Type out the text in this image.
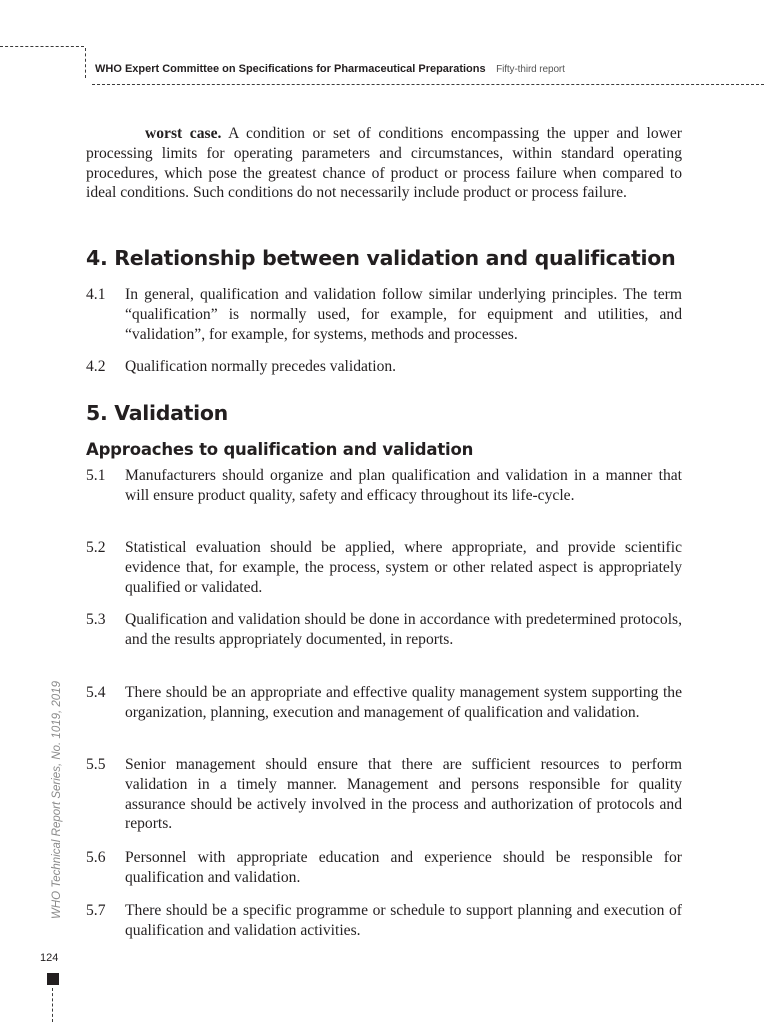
WHO Expert Committee on Specifications for Pharmaceutical Preparations Fifty-third report

worst case. A condition or set of conditions encompassing the upper and lower processing limits for operating parameters and circumstances, within standard operating procedures, which pose the greatest chance of product or process failure when compared to ideal conditions. Such conditions do not necessarily include product or process failure.

4. Relationship between validation and qualification
4.1 In general, qualification and validation follow similar underlying principles. The term “qualification” is normally used, for example, for equipment and utilities, and “validation”, for example, for systems, methods and processes.
4.2 Qualification normally precedes validation.
5. Validation
Approaches to qualification and validation
5.1 Manufacturers should organize and plan qualification and validation in a manner that will ensure product quality, safety and efficacy throughout its life-cycle.
5.2 Statistical evaluation should be applied, where appropriate, and provide scientific evidence that, for example, the process, system or other related aspect is appropriately qualified or validated.
5.3 Qualification and validation should be done in accordance with predetermined protocols, and the results appropriately documented, in reports.
5.4 There should be an appropriate and effective quality management system supporting the organization, planning, execution and management of qualification and validation.
5.5 Senior management should ensure that there are sufficient resources to perform validation in a timely manner. Management and persons responsible for quality assurance should be actively involved in the process and authorization of protocols and reports.
5.6 Personnel with appropriate education and experience should be responsible for qualification and validation.
5.7 There should be a specific programme or schedule to support planning and execution of qualification and validation activities.
WHO Technical Report Series, No. 1019, 2019
124
